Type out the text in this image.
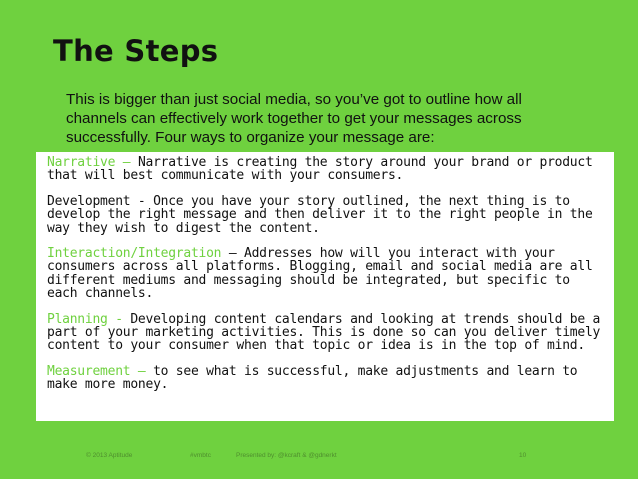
The Steps

This is bigger than just social media, so you’ve got to outline how all channels can effectively work together to get your messages across successfully. Four ways to organize your message are:

Narrative – Narrative is creating the story around your brand or product that will best communicate with your consumers.

Development - Once you have your story outlined, the next thing is to develop the right message and then deliver it to the right people in the way they wish to digest the content.

Interaction/Integration – Addresses how will you interact with your consumers across all platforms. Blogging, email and social media are all different mediums and messaging should be integrated, but specific to each channels.

Planning - Developing content calendars and looking at trends should be a part of your marketing activities. This is done so can you deliver timely content to your consumer when that topic or idea is in the top of mind.

Measurement – to see what is successful, make adjustments and learn to make more money.

© 2013 Aptitude	#vmbtc	Presented by: @kcraft & @gdnerkt	10
